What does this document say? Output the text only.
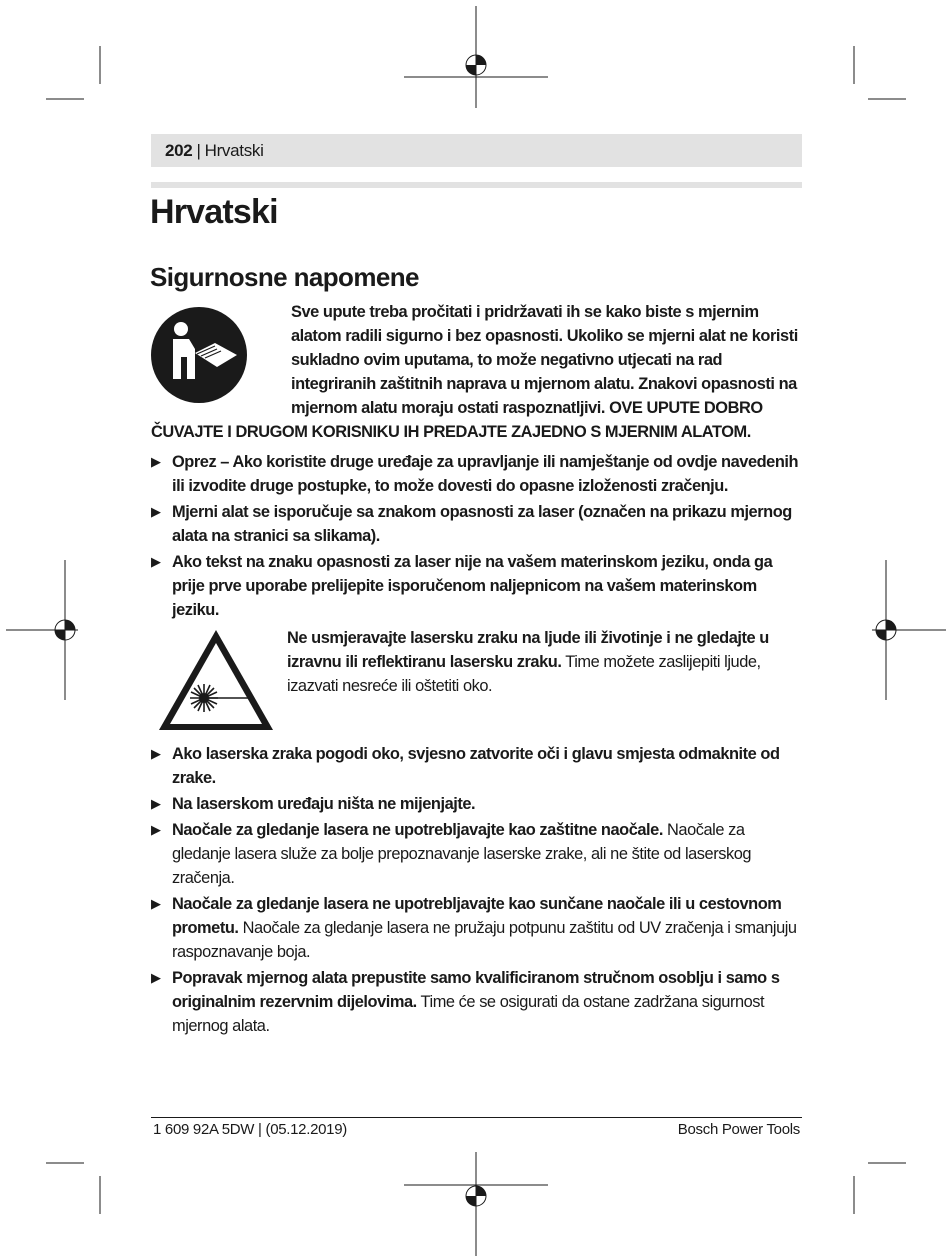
202 | Hrvatski
Hrvatski
Sigurnosne napomene
Sve upute treba pročitati i pridržavati ih se kako biste s mjernim alatom radili sigurno i bez opasnosti. Ukoliko se mjerni alat ne koristi sukladno ovim uputama, to može negativno utjecati na rad integriranih zaštitnih naprava u mjernom alatu. Znakovi opasnosti na mjernom alatu moraju ostati raspoznatljivi. OVE UPUTE DOBRO ČUVAJTE I DRUGOM KORISNIKU IH PREDAJTE ZAJEDNO S MJERNIM ALATOM.
▶ Oprez – Ako koristite druge uređaje za upravljanje ili namještanje od ovdje navedenih ili izvodite druge postupke, to može dovesti do opasne izloženosti zračenju.
▶ Mjerni alat se isporučuje sa znakom opasnosti za laser (označen na prikazu mjernog alata na stranici sa slikama).
▶ Ako tekst na znaku opasnosti za laser nije na vašem materinskom jeziku, onda ga prije prve uporabe prelijepite isporučenom naljepnicom na vašem materinskom jeziku.
Ne usmjeravajte lasersku zraku na ljude ili životinje i ne gledajte u izravnu ili reflektiranu lasersku zraku. Time možete zaslijepiti ljude, izazvati nesreće ili oštetiti oko.
▶ Ako laserska zraka pogodi oko, svjesno zatvorite oči i glavu smjesta odmaknite od zrake.
▶ Na laserskom uređaju ništa ne mijenjajte.
▶ Naočale za gledanje lasera ne upotrebljavajte kao zaštitne naočale. Naočale za gledanje lasera služe za bolje prepoznavanje laserske zrake, ali ne štite od laserskog zračenja.
▶ Naočale za gledanje lasera ne upotrebljavajte kao sunčane naočale ili u cestovnom prometu. Naočale za gledanje lasera ne pružaju potpunu zaštitu od UV zračenja i smanjuju raspoznavanje boja.
▶ Popravak mjernog alata prepustite samo kvalificiranom stručnom osoblju i samo s originalnim rezervnim dijelovima. Time će se osigurati da ostane zadržana sigurnost mjernog alata.
1 609 92A 5DW | (05.12.2019)	Bosch Power Tools
